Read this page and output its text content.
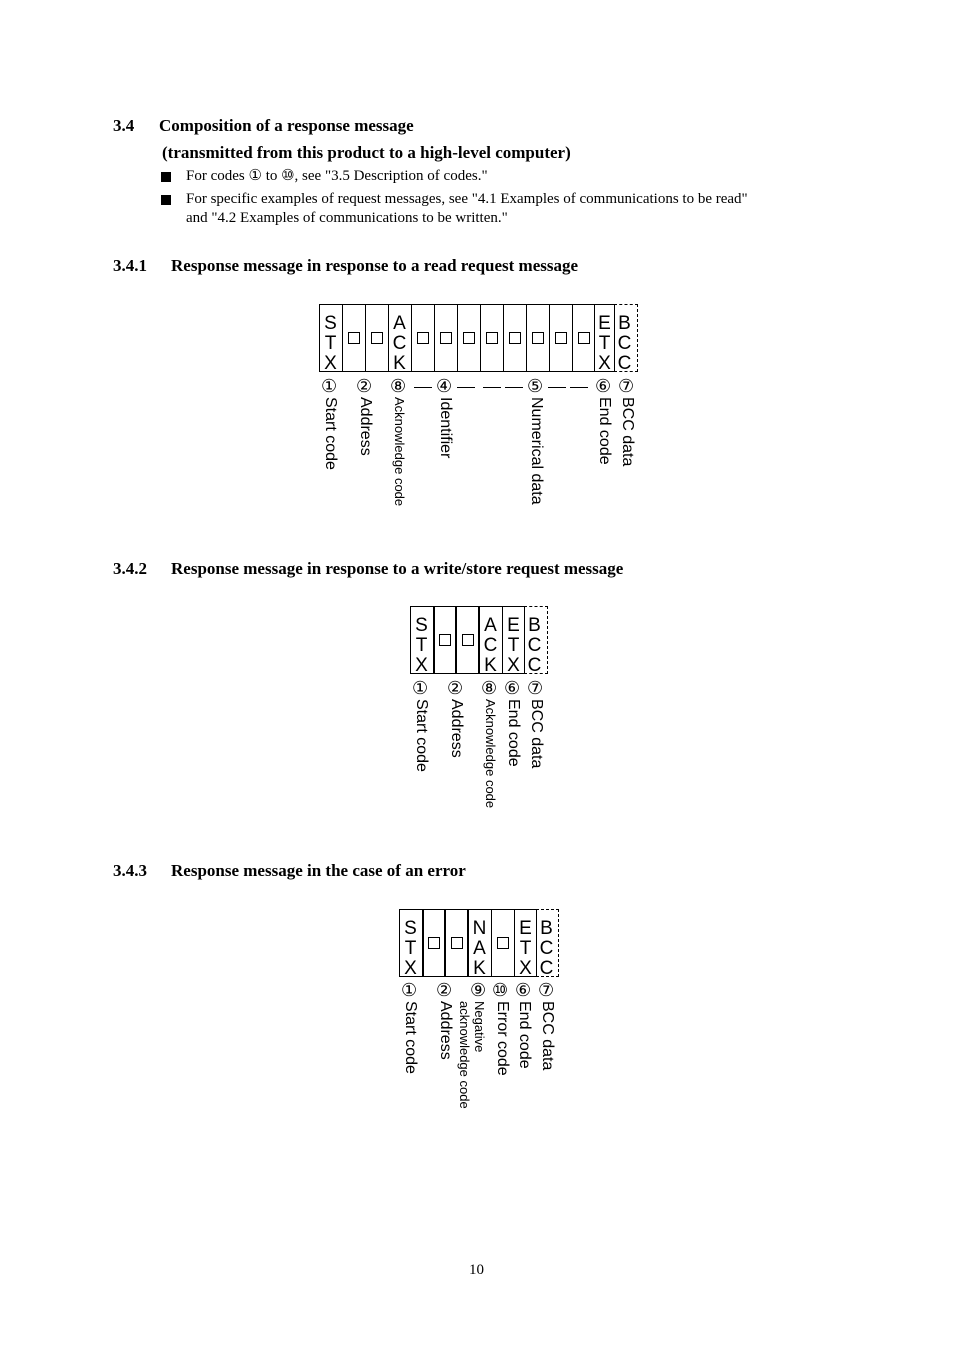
3.4 Composition of a response message
(transmitted from this product to a high-level computer)
For codes ① to ⑩, see "3.5 Description of codes."
For specific examples of request messages, see "4.1 Examples of communications to be read"
and "4.2 Examples of communications to be written."
3.4.1 Response message in response to a read request message
STX	ACK	ETX BCC
①
Start code
②
Address
⑧
Acknowledge code
④
Identifier
⑤
Numerical data
⑥
End code
⑦
BCC data
3.4.2 Response message in response to a write/store request message
STX	ACK ETX BCC
①
Start code
②
Address
⑧
Acknowledge code
⑥
End code
⑦
BCC data
3.4.3 Response message in the case of an error
STX	NAK ETX BCC
①
Start code
②
Address
⑨
Negative
acknowledge code
⑩
Error code
⑥
End code
⑦
BCC data
10
